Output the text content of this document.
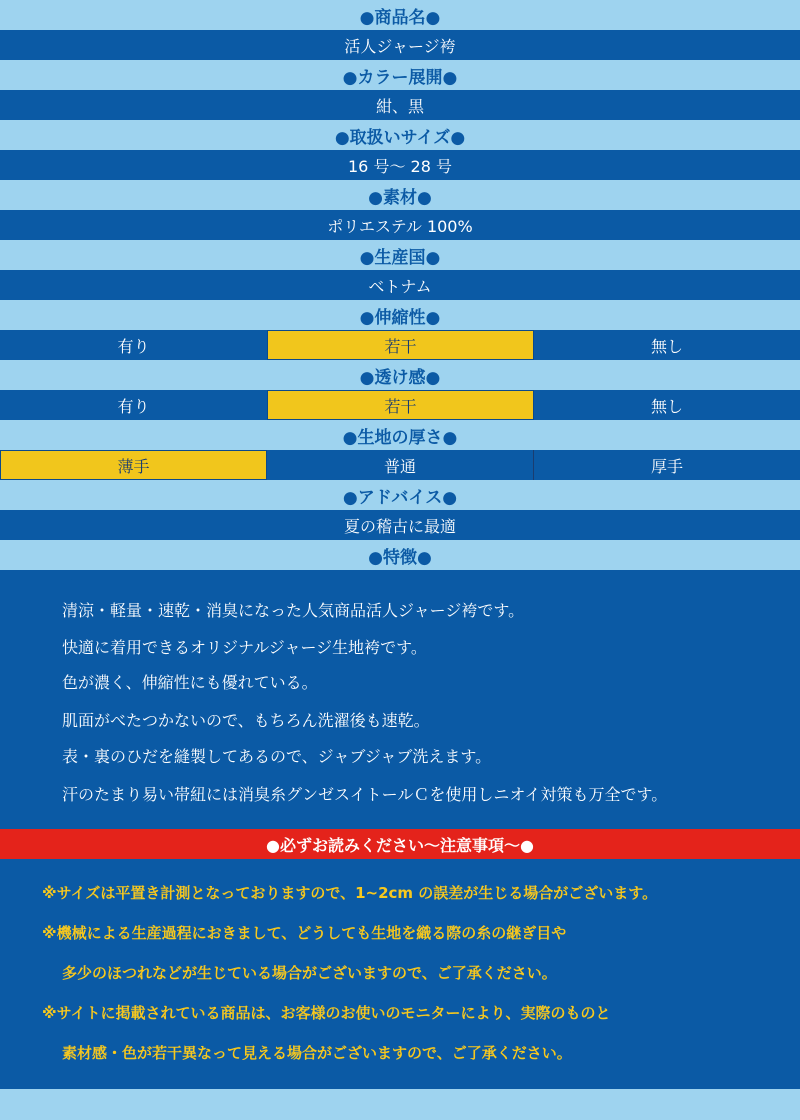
●商品名●
活人ジャージ袴
●カラー展開●
紺、黒
●取扱いサイズ●
16 号〜 28 号
●素材●
ポリエステル 100%
●生産国●
ベトナム
●伸縮性●
有り	若干	無し
●透け感●
有り	若干	無し
●生地の厚さ●
薄手	普通	厚手
●アドバイス●
夏の稽古に最適
●特徴●
清涼・軽量・速乾・消臭になった人気商品活人ジャージ袴です。
快適に着用できるオリジナルジャージ生地袴です。
色が濃く、伸縮性にも優れている。
肌面がべたつかないので、もちろん洗濯後も速乾。
表・裏のひだを縫製してあるので、ジャブジャブ洗えます。
汗のたまり易い帯紐には消臭糸グンゼスイトールＣを使用しニオイ対策も万全です。
●必ずお読みください〜注意事項〜●
※サイズは平置き計測となっておりますので、1~2cm の誤差が生じる場合がございます。
※機械による生産過程におきまして、どうしても生地を織る際の糸の継ぎ目や
多少のほつれなどが生じている場合がございますので、ご了承ください。
※サイトに掲載されている商品は、お客様のお使いのモニターにより、実際のものと
素材感・色が若干異なって見える場合がございますので、ご了承ください。
